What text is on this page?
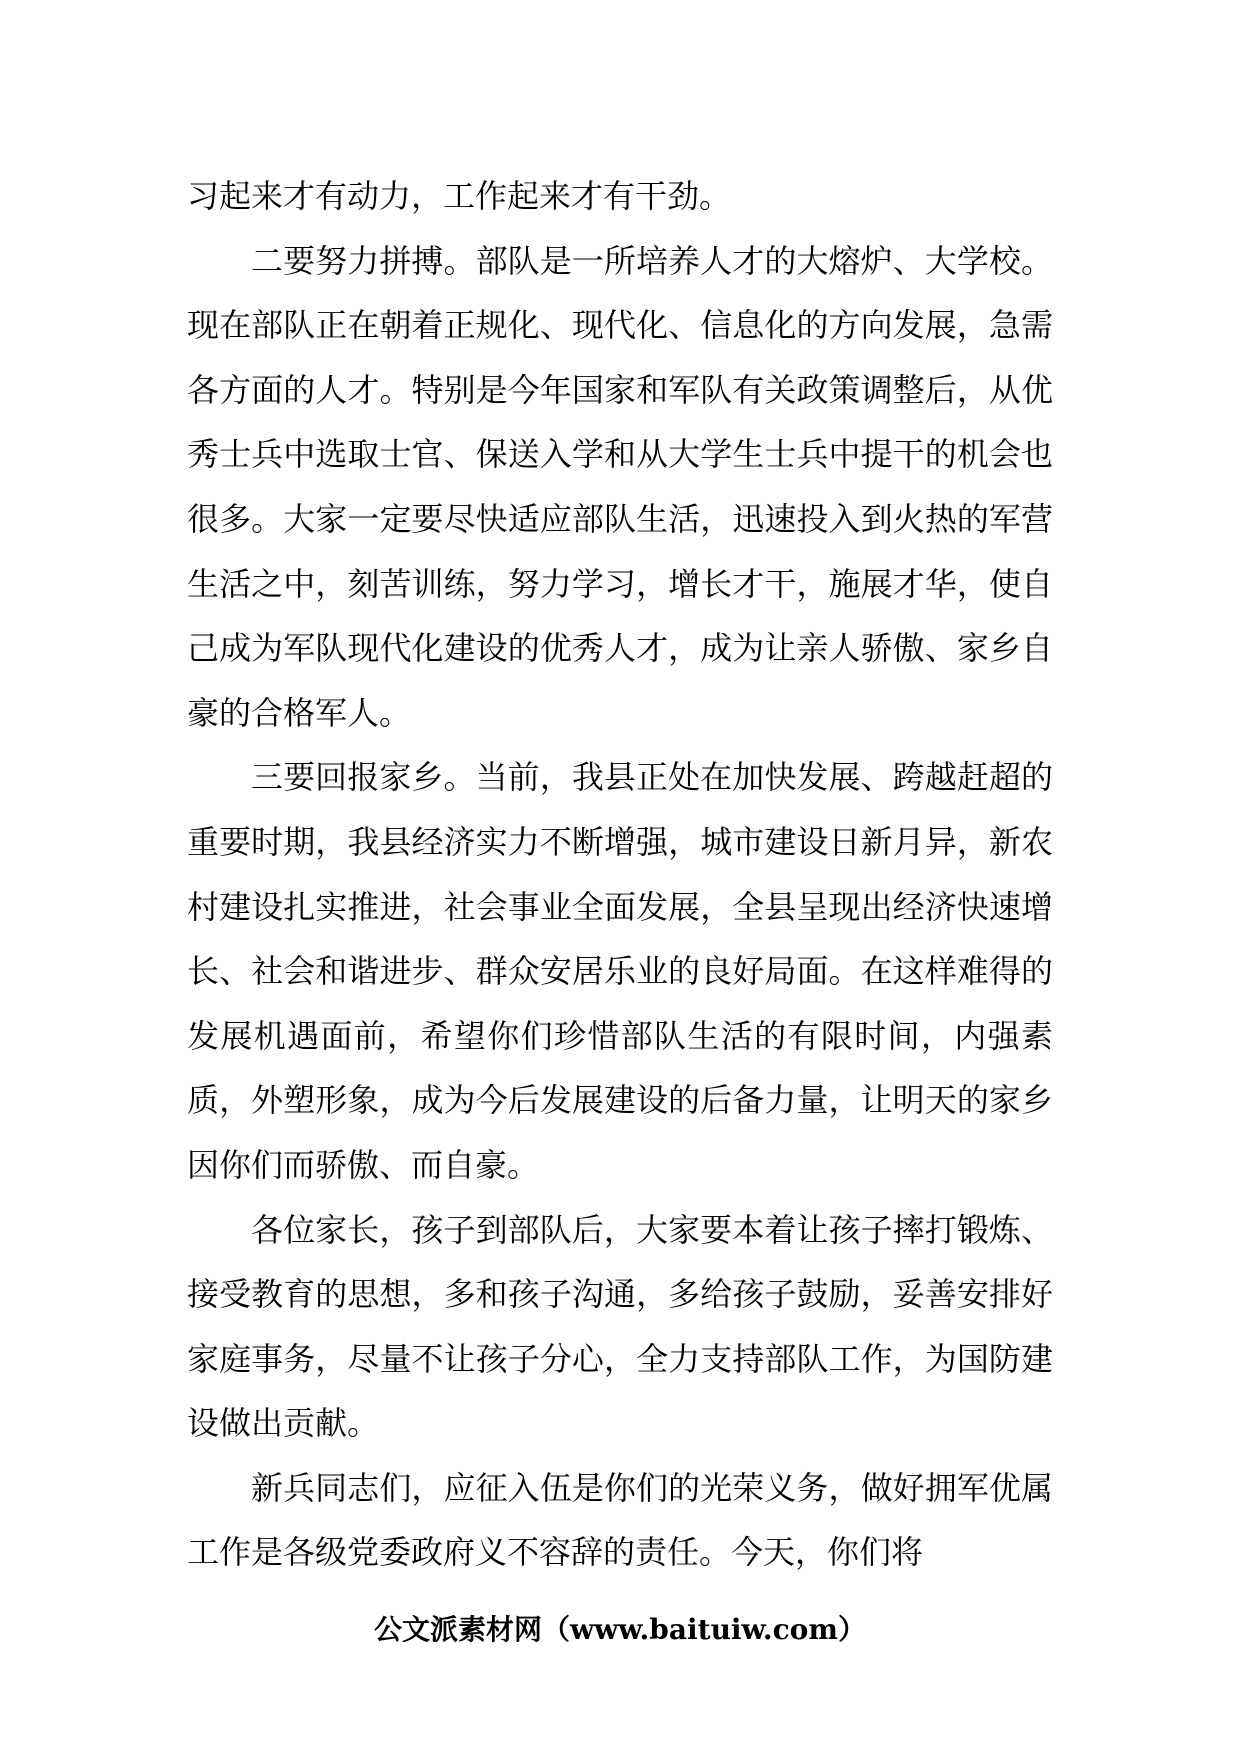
习起来才有动力，工作起来才有干劲。

二要努力拼搏。部队是一所培养人才的大熔炉、大学校。现在部队正在朝着正规化、现代化、信息化的方向发展，急需各方面的人才。特别是今年国家和军队有关政策调整后，从优秀士兵中选取士官、保送入学和从大学生士兵中提干的机会也很多。大家一定要尽快适应部队生活，迅速投入到火热的军营生活之中，刻苦训练，努力学习，增长才干，施展才华，使自己成为军队现代化建设的优秀人才，成为让亲人骄傲、家乡自豪的合格军人。

三要回报家乡。当前，我县正处在加快发展、跨越赶超的重要时期，我县经济实力不断增强，城市建设日新月异，新农村建设扎实推进，社会事业全面发展，全县呈现出经济快速增长、社会和谐进步、群众安居乐业的良好局面。在这样难得的发展机遇面前，希望你们珍惜部队生活的有限时间，内强素质，外塑形象，成为今后发展建设的后备力量，让明天的家乡因你们而骄傲、而自豪。

各位家长，孩子到部队后，大家要本着让孩子摔打锻炼、接受教育的思想，多和孩子沟通，多给孩子鼓励，妥善安排好家庭事务，尽量不让孩子分心，全力支持部队工作，为国防建设做出贡献。

新兵同志们，应征入伍是你们的光荣义务，做好拥军优属工作是各级党委政府义不容辞的责任。今天，你们将

公文派素材网（www.baituiw.com）
